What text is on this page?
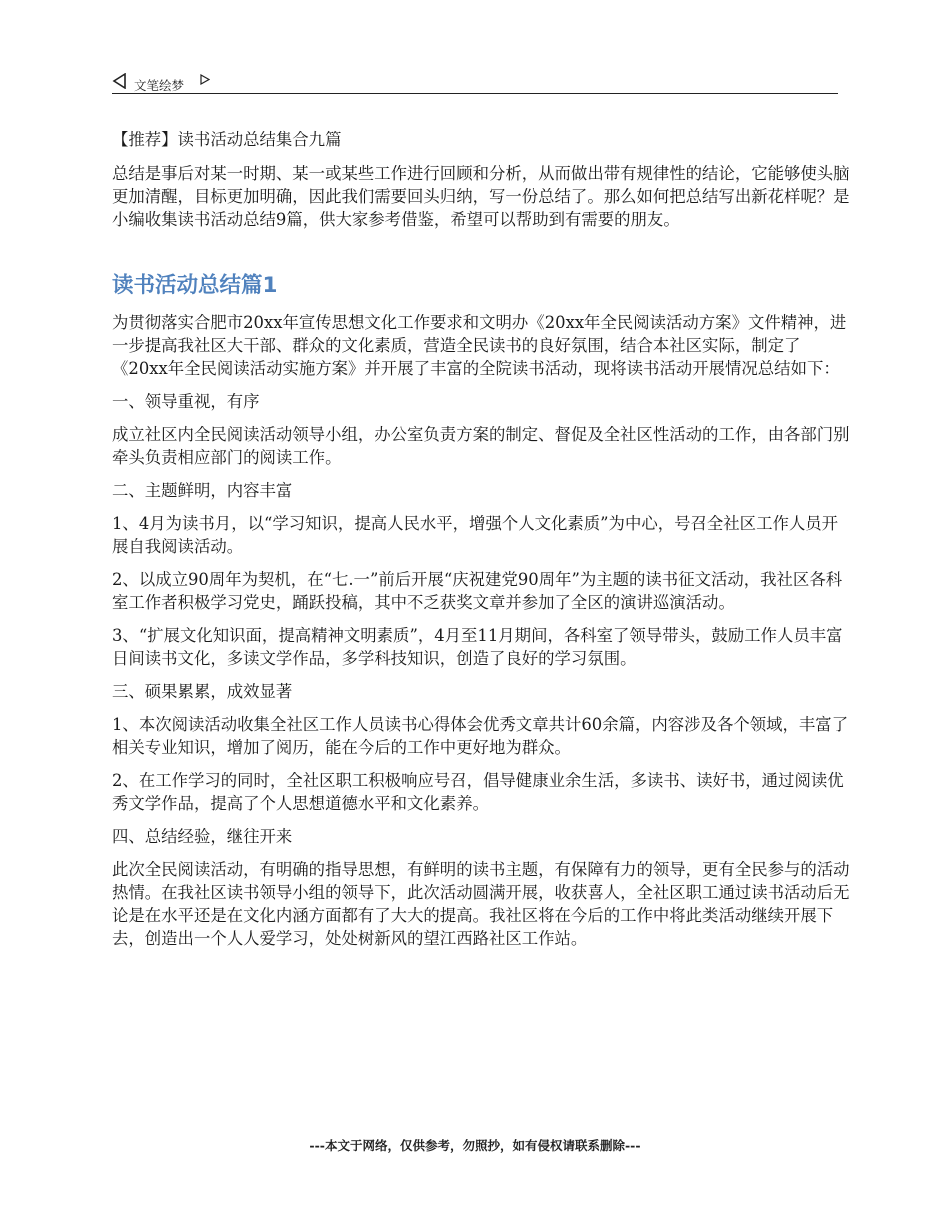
文笔绘梦

【推荐】读书活动总结集合九篇

总结是事后对某一时期、某一或某些工作进行回顾和分析，从而做出带有规律性的结论，它能够使头脑更加清醒，目标更加明确，因此我们需要回头归纳，写一份总结了。那么如何把总结写出新花样呢？是小编收集读书活动总结9篇，供大家参考借鉴，希望可以帮助到有需要的朋友。

读书活动总结篇1

为贯彻落实合肥市20xx年宣传思想文化工作要求和文明办《20xx年全民阅读活动方案》文件精神，进一步提高我社区大干部、群众的文化素质，营造全民读书的良好氛围，结合本社区实际，制定了《20xx年全民阅读活动实施方案》并开展了丰富的全院读书活动，现将读书活动开展情况总结如下：

一、领导重视，有序

成立社区内全民阅读活动领导小组，办公室负责方案的制定、督促及全社区性活动的工作，由各部门别牵头负责相应部门的阅读工作。

二、主题鲜明，内容丰富

1、4月为读书月，以“学习知识，提高人民水平，增强个人文化素质”为中心，号召全社区工作人员开展自我阅读活动。

2、以成立90周年为契机，在“七.一”前后开展“庆祝建党90周年”为主题的读书征文活动，我社区各科室工作者积极学习党史，踊跃投稿，其中不乏获奖文章并参加了全区的演讲巡演活动。

3、“扩展文化知识面，提高精神文明素质”，4月至11月期间，各科室了领导带头，鼓励工作人员丰富日间读书文化，多读文学作品，多学科技知识，创造了良好的学习氛围。

三、硕果累累，成效显著

1、本次阅读活动收集全社区工作人员读书心得体会优秀文章共计60余篇，内容涉及各个领域，丰富了相关专业知识，增加了阅历，能在今后的工作中更好地为群众。

2、在工作学习的同时，全社区职工积极响应号召，倡导健康业余生活，多读书、读好书，通过阅读优秀文学作品，提高了个人思想道德水平和文化素养。

四、总结经验，继往开来

此次全民阅读活动，有明确的指导思想，有鲜明的读书主题，有保障有力的领导，更有全民参与的活动热情。在我社区读书领导小组的领导下，此次活动圆满开展，收获喜人，全社区职工通过读书活动后无论是在水平还是在文化内涵方面都有了大大的提高。我社区将在今后的工作中将此类活动继续开展下去，创造出一个人人爱学习，处处树新风的望江西路社区工作站。

---本文于网络，仅供参考，勿照抄，如有侵权请联系删除---
